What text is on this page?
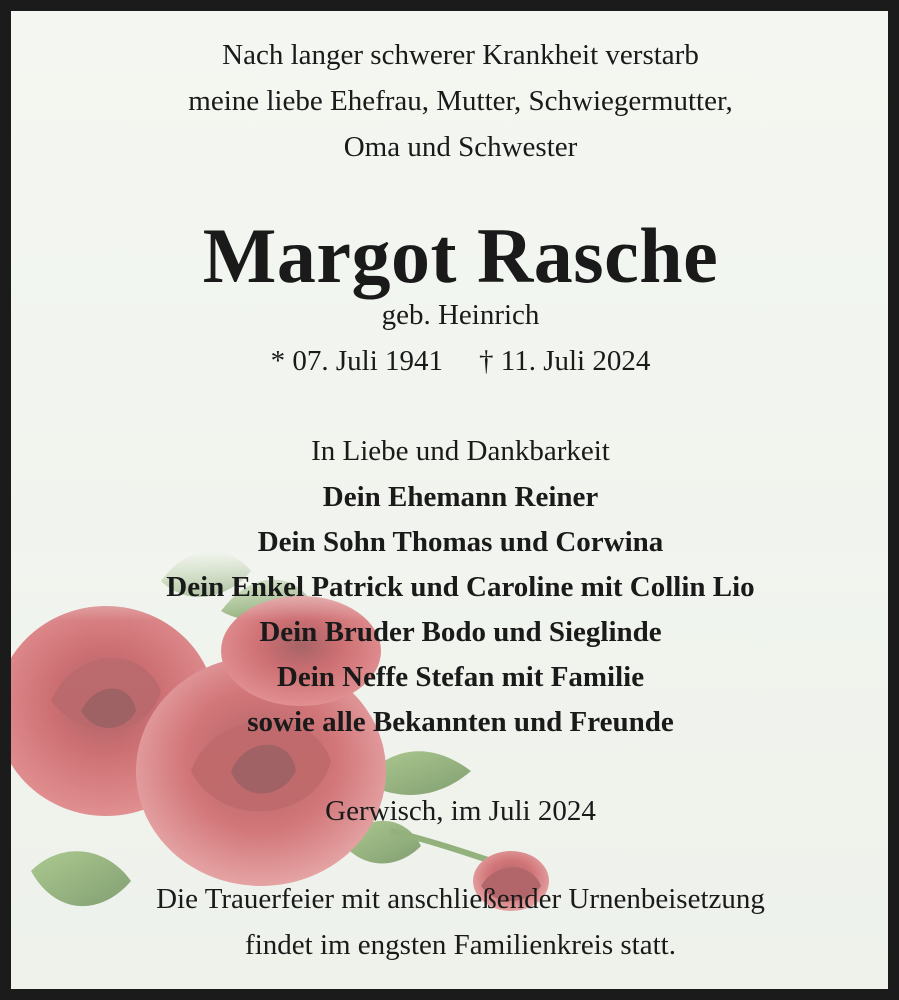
Nach langer schwerer Krankheit verstarb
meine liebe Ehefrau, Mutter, Schwiegermutter,
Oma und Schwester
Margot Rasche
geb. Heinrich
* 07. Juli 1941 † 11. Juli 2024
In Liebe und Dankbarkeit
Dein Ehemann Reiner
Dein Sohn Thomas und Corwina
Dein Enkel Patrick und Caroline mit Collin Lio
Dein Bruder Bodo und Sieglinde
Dein Neffe Stefan mit Familie
sowie alle Bekannten und Freunde
Gerwisch, im Juli 2024
Die Trauerfeier mit anschließender Urnenbeisetzung
findet im engsten Familienkreis statt.
